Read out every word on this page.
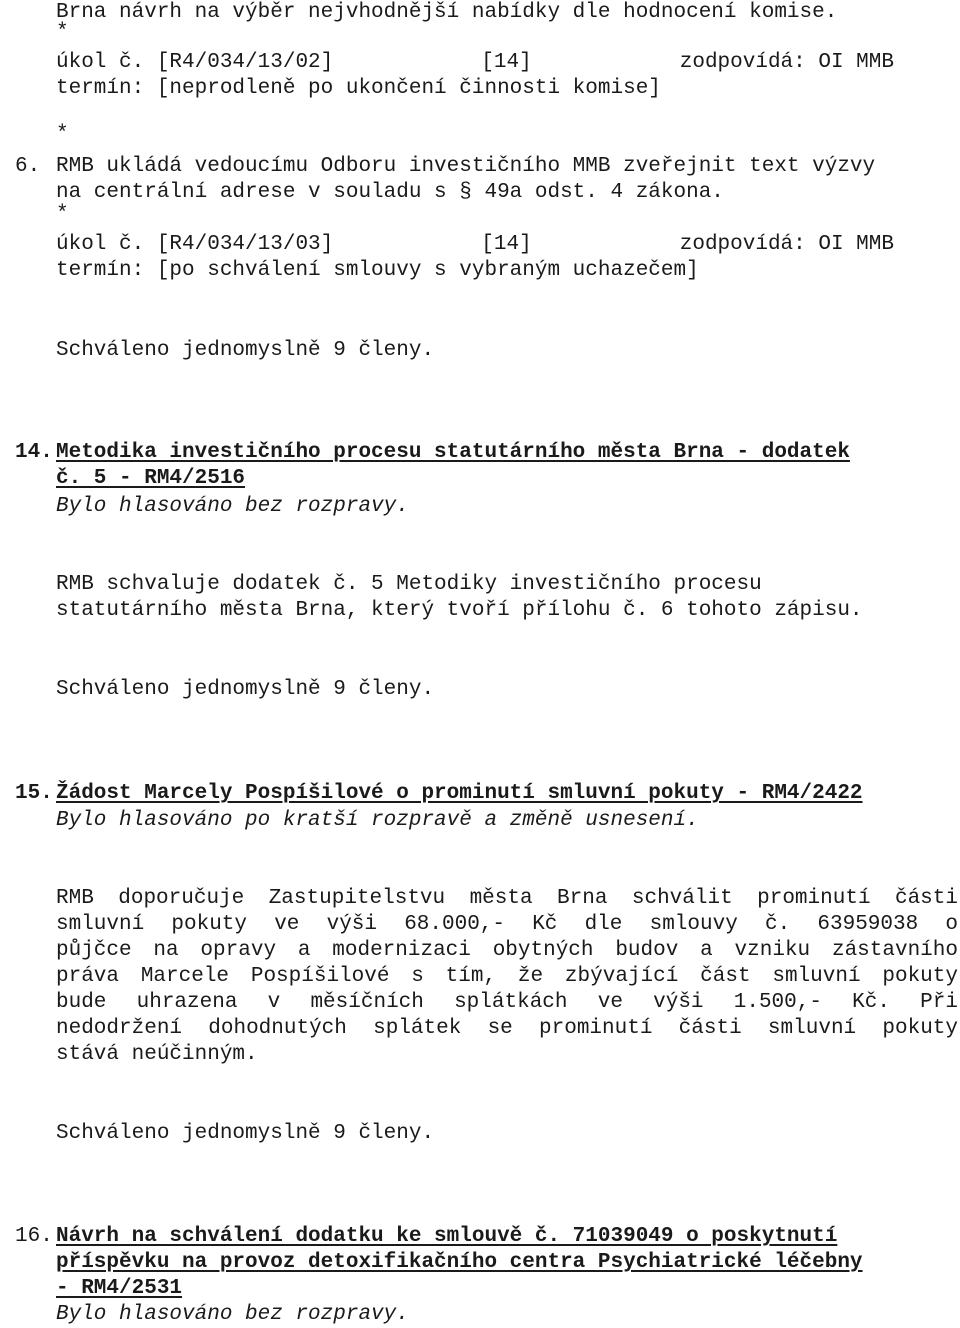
Brna návrh na výběr nejvhodnější nabídky dle hodnocení komise.
*
úkol č. [R4/034/13/02]	[14]	zodpovídá: OI MMB
termín: [neprodleně po ukončení činnosti komise]
*
6. RMB ukládá vedoucímu Odboru investičního MMB zveřejnit text výzvy
na centrální adrese v souladu s § 49a odst. 4 zákona.
*
úkol č. [R4/034/13/03]	[14]	zodpovídá: OI MMB
termín: [po schválení smlouvy s vybraným uchazečem]
Schváleno jednomyslně 9 členy.
14. Metodika investičního procesu statutárního města Brna - dodatek
č. 5 - RM4/2516
Bylo hlasováno bez rozpravy.
RMB schvaluje dodatek č. 5 Metodiky investičního procesu
statutárního města Brna, který tvoří přílohu č. 6 tohoto zápisu.
Schváleno jednomyslně 9 členy.
15. Žádost Marcely Pospíšilové o prominutí smluvní pokuty - RM4/2422
Bylo hlasováno po kratší rozpravě a změně usnesení.
RMB doporučuje Zastupitelstvu města Brna schválit prominutí části
smluvní pokuty ve výši 68.000,- Kč dle smlouvy č. 63959038 o
půjčce na opravy a modernizaci obytných budov a vzniku zástavního
práva Marcele Pospíšilové s tím, že zbývající část smluvní pokuty
bude uhrazena v měsíčních splátkách ve výši 1.500,- Kč. Při
nedodržení dohodnutých splátek se prominutí části smluvní pokuty
stává neúčinným.
Schváleno jednomyslně 9 členy.
16. Návrh na schválení dodatku ke smlouvě č. 71039049 o poskytnutí
příspěvku na provoz detoxifikačního centra Psychiatrické léčebny
- RM4/2531
Bylo hlasováno bez rozpravy.
